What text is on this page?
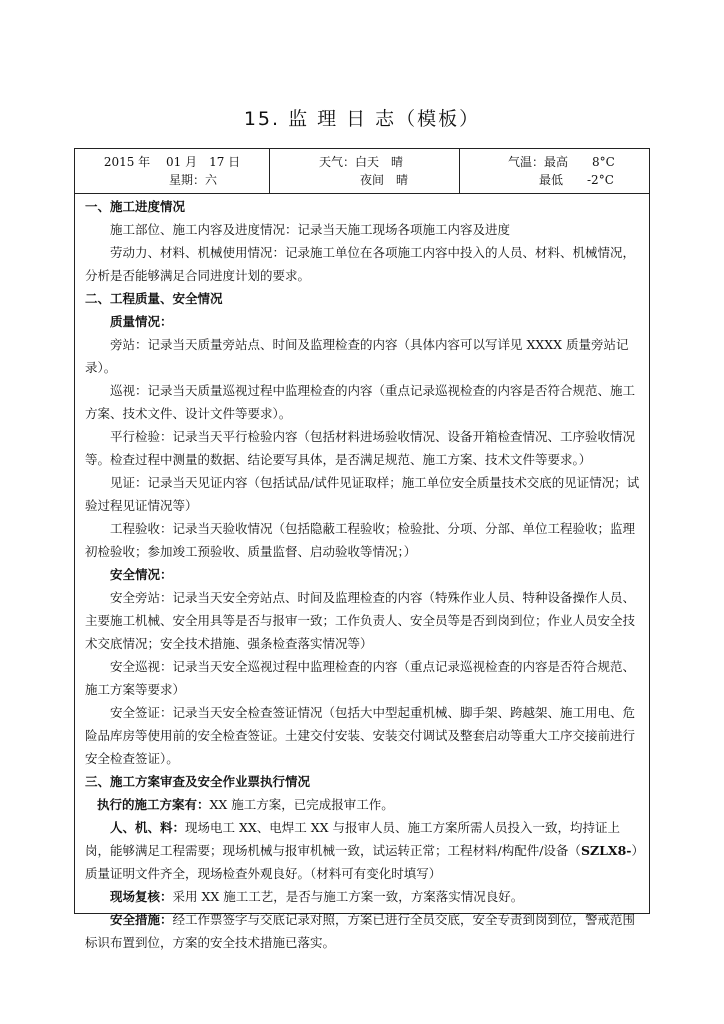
15. 监 理 日 志（模板）
2015 年　 01 月　17 日
星期：六
天气：白天　晴
夜间　晴
气温：最高　　8°C
最低　　-2°C

一、施工进度情况

施工部位、施工内容及进度情况：记录当天施工现场各项施工内容及进度

劳动力、材料、机械使用情况：记录施工单位在各项施工内容中投入的人员、材料、机械情况，分析是否能够满足合同进度计划的要求。

二、工程质量、安全情况

质量情况：

旁站：记录当天质量旁站点、时间及监理检查的内容（具体内容可以写详见 XXXX 质量旁站记录）。

巡视：记录当天质量巡视过程中监理检查的内容（重点记录巡视检查的内容是否符合规范、施工方案、技术文件、设计文件等要求）。

平行检验：记录当天平行检验内容（包括材料进场验收情况、设备开箱检查情况、工序验收情况等。检查过程中测量的数据、结论要写具体，是否满足规范、施工方案、技术文件等要求。）

见证：记录当天见证内容（包括试品/试件见证取样；施工单位安全质量技术交底的见证情况；试验过程见证情况等）

工程验收：记录当天验收情况（包括隐蔽工程验收；检验批、分项、分部、单位工程验收；监理初检验收；参加竣工预验收、质量监督、启动验收等情况；）

安全情况：

安全旁站：记录当天安全旁站点、时间及监理检查的内容（特殊作业人员、特种设备操作人员、主要施工机械、安全用具等是否与报审一致；工作负责人、安全员等是否到岗到位；作业人员安全技术交底情况；安全技术措施、强条检查落实情况等）

安全巡视：记录当天安全巡视过程中监理检查的内容（重点记录巡视检查的内容是否符合规范、施工方案等要求）

安全签证：记录当天安全检查签证情况（包括大中型起重机械、脚手架、跨越架、施工用电、危险品库房等使用前的安全检查签证。土建交付安装、安装交付调试及整套启动等重大工序交接前进行安全检查签证）。

三、施工方案审查及安全作业票执行情况

执行的施工方案有：XX 施工方案，已完成报审工作。

人、机、料：现场电工 XX、电焊工 XX 与报审人员、施工方案所需人员投入一致，均持证上岗，能够满足工程需要；现场机械与报审机械一致，试运转正常；工程材料/构配件/设备（SZLX8-）质量证明文件齐全，现场检查外观良好。（材料可有变化时填写）

现场复核：采用 XX 施工工艺，是否与施工方案一致，方案落实情况良好。

安全措施：经工作票签字与交底记录对照，方案已进行全员交底，安全专责到岗到位，警戒范围标识布置到位，方案的安全技术措施已落实。
